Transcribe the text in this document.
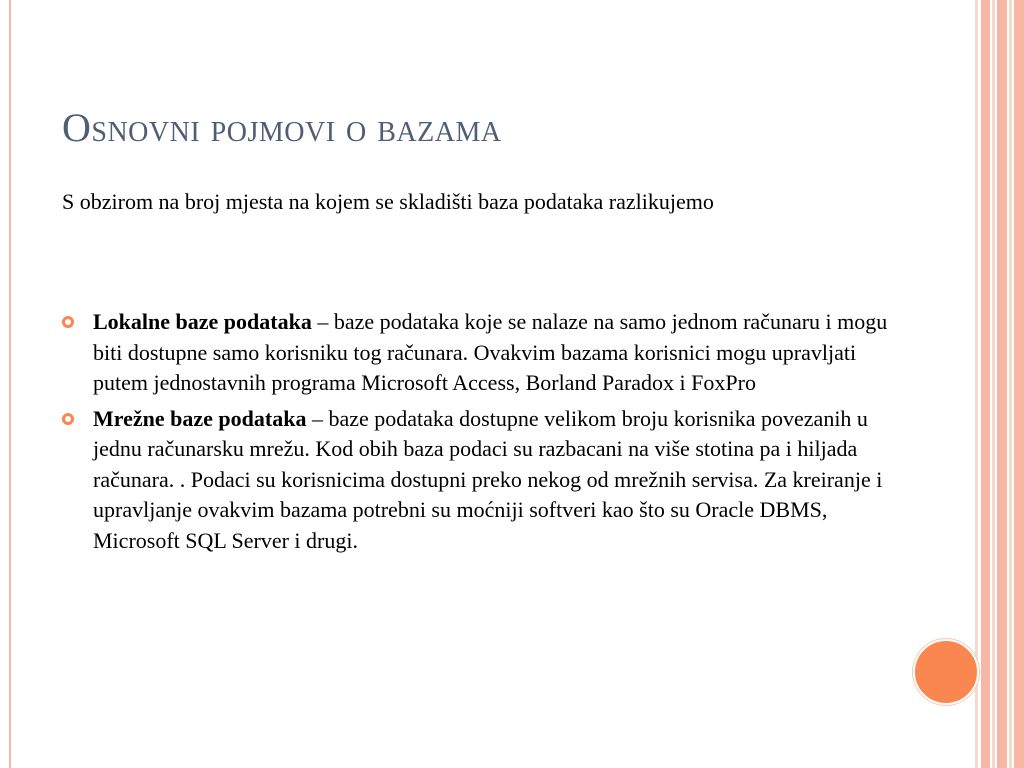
Osnovni pojmovi o bazama
S obzirom na broj mjesta na kojem se skladišti baza podataka razlikujemo
Lokalne baze podataka – baze podataka koje se nalaze na samo jednom računaru i mogu biti dostupne samo korisniku tog računara. Ovakvim bazama korisnici mogu upravljati putem jednostavnih programa Microsoft Access, Borland Paradox i FoxPro
Mrežne baze podataka – baze podataka dostupne velikom broju korisnika povezanih u jednu računarsku mrežu. Kod obih baza podaci su razbacani na više stotina pa i hiljada računara. . Podaci su korisnicima dostupni preko nekog od mrežnih servisa. Za kreiranje i upravljanje ovakvim bazama potrebni su moćniji softveri kao što su Oracle DBMS, Microsoft SQL Server i drugi.
